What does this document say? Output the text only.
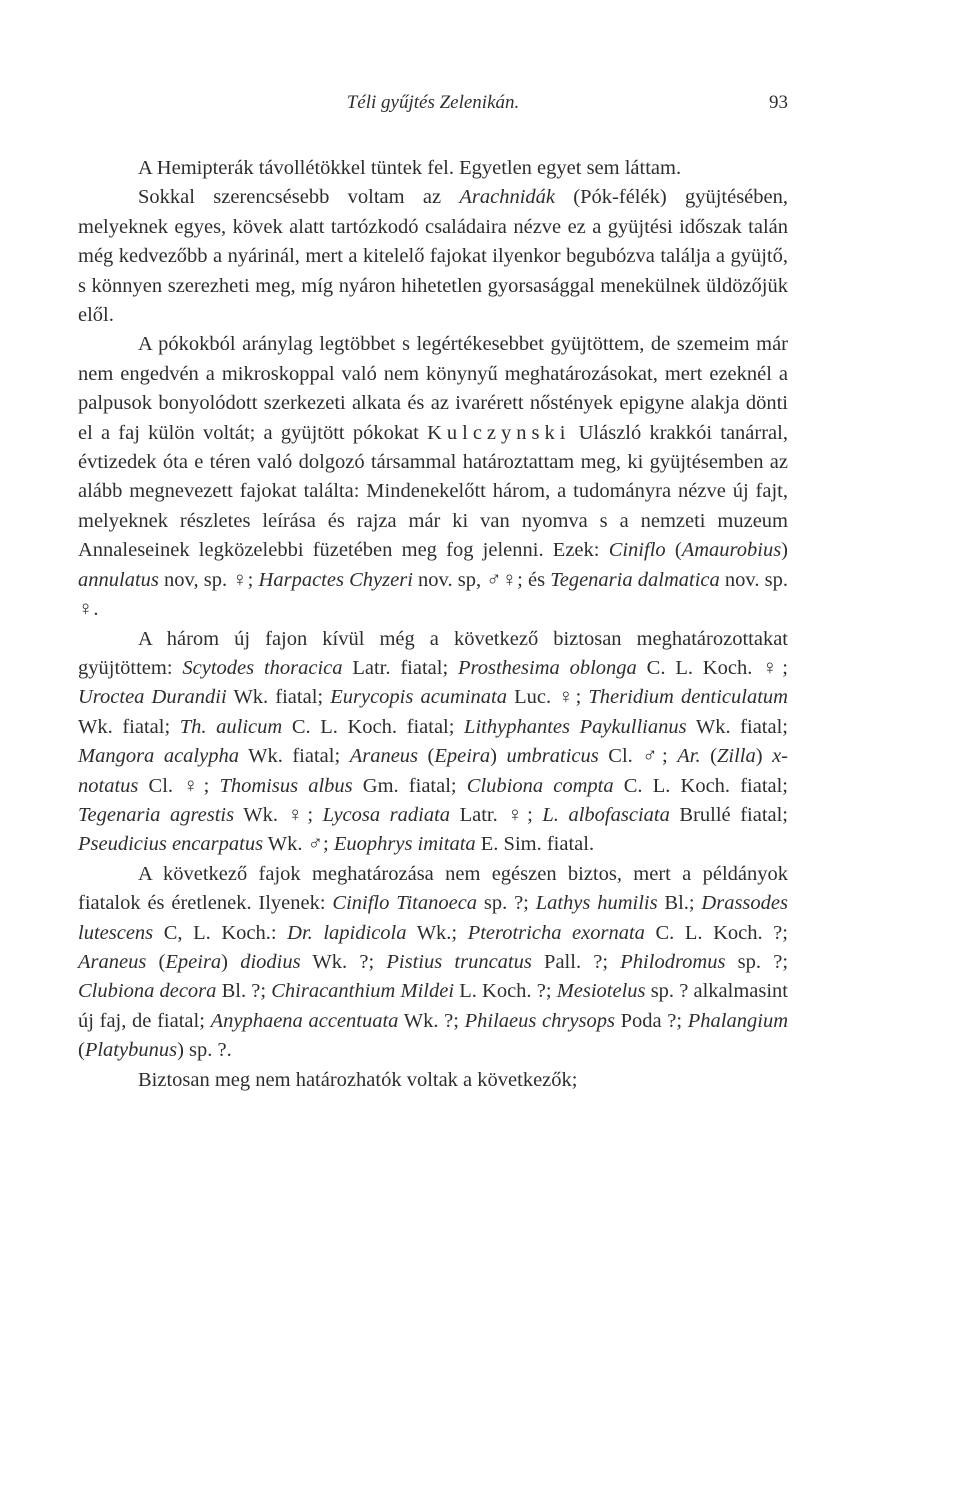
Téli gyűjtés Zelenikán.	93

A Hemipterák távollétökkel tüntek fel. Egyetlen egyet sem láttam.

Sokkal szerencsésebb voltam az Arachnidák (Pók-félék) gyüjtésében, melyeknek egyes, kövek alatt tartózkodó családaira nézve ez a gyüjtési időszak talán még kedvezőbb a nyárinál, mert a kitelelő fajokat ilyenkor begubózva találja a gyüjtő, s könnyen szerezheti meg, míg nyáron hihetetlen gyorsasággal menekülnek üldözőjük elől.

A pókokból aránylag legtöbbet s legértékesebbet gyüjtöttem, de szemeim már nem engedvén a mikroskoppal való nem könynyű meghatározásokat, mert ezeknél a palpusok bonyolódott szerkezeti alkata és az ivarérett nőstények epigyne alakja dönti el a faj külön voltát; a gyüjtött pókokat Kulczynski Ulászló krakkói tanárral, évtizedek óta e téren való dolgozó társammal határoztattam meg, ki gyüjtésemben az alább megnevezett fajokat találta: Mindenekelőtt három, a tudományra nézve új fajt, melyeknek részletes leírása és rajza már ki van nyomva s a nemzeti muzeum Annaleseinek legközelebbi füzetében meg fog jelenni. Ezek: Ciniflo (Amaurobius) annulatus nov, sp. ♀; Harpactes Chyzeri nov. sp, ♂♀; és Tegenaria dalmatica nov. sp. ♀.

A három új fajon kívül még a következő biztosan meghatározottakat gyüjtöttem: Scytodes thoracica Latr. fiatal; Prosthesima oblonga C. L. Koch. ♀; Uroctea Durandii Wk. fiatal; Eurycopis acuminata Luc. ♀; Theridium denticulatum Wk. fiatal; Th. aulicum C. L. Koch. fiatal; Lithyphantes Paykullianus Wk. fiatal; Mangora acalypha Wk. fiatal; Araneus (Epeira) umbraticus Cl. ♂; Ar. (Zilla) x-notatus Cl. ♀; Thomisus albus Gm. fiatal; Clubiona compta C. L. Koch. fiatal; Tegenaria agrestis Wk. ♀; Lycosa radiata Latr. ♀; L. albofasciata Brullé fiatal; Pseudicius encarpatus Wk. ♂; Euophrys imitata E. Sim. fiatal.

A következő fajok meghatározása nem egészen biztos, mert a példányok fiatalok és éretlenek. Ilyenek: Ciniflo Titanoeca sp. ?; Lathys humilis Bl.; Drassodes lutescens C, L. Koch.: Dr. lapidicola Wk.; Pterotricha exornata C. L. Koch. ?; Araneus (Epeira) diodius Wk. ?; Pistius truncatus Pall. ?; Philodromus sp. ?; Clubiona decora Bl. ?; Chiracanthium Mildei L. Koch. ?; Mesiotelus sp. ? alkalmasint új faj, de fiatal; Anyphaena accentuata Wk. ?; Philaeus chrysops Poda ?; Phalangium (Platybunus) sp. ?.

Biztosan meg nem határozhatók voltak a következők;
